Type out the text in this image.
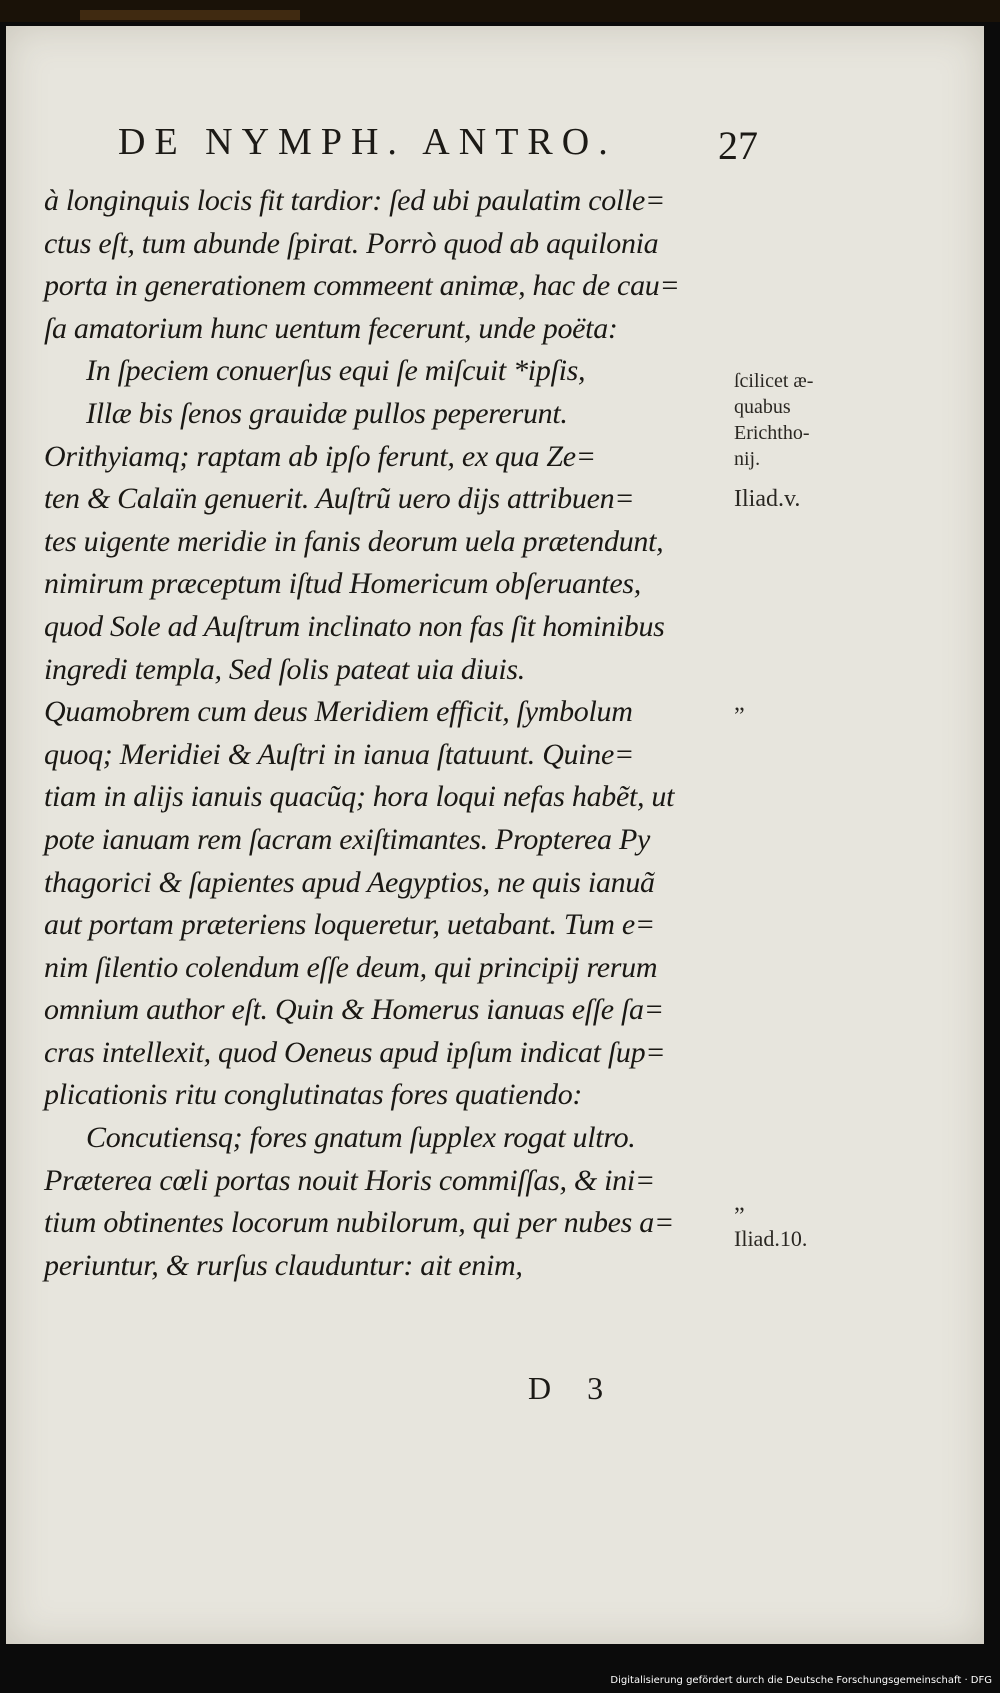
DE NYMPH. ANTRO.	27
à longinquis locis fit tardior: ſed ubi paulatim colle=
ctus eſt, tum abunde ſpirat. Porrò quod ab aquilonia
porta in generationem commeent animæ, hac de cau=
ſa amatorium hunc uentum fecerunt, unde poëta:
In ſpeciem conuerſus equi ſe miſcuit *ipſis,
Illæ bis ſenos grauidæ pullos pepererunt.
Orithyiamq; raptam ab ipſo ferunt, ex qua Ze=
ten & Calaïn genuerit. Auſtrũ uero dijs attribuen=
tes uigente meridie in fanis deorum uela prætendunt,
nimirum præceptum iſtud Homericum obſeruantes,
quod Sole ad Auſtrum inclinato non fas ſit hominibus
ingredi templa, Sed ſolis pateat uia diuis.
Quamobrem cum deus Meridiem efficit, ſymbolum
quoq; Meridiei & Auſtri in ianua ſtatuunt. Quine=
tiam in alijs ianuis quacũq; hora loqui nefas habẽt, ut
pote ianuam rem ſacram exiſtimantes. Propterea Py
thagorici & ſapientes apud Aegyptios, ne quis ianuã
aut portam præteriens loqueretur, uetabant. Tum e=
nim ſilentio colendum eſſe deum, qui principij rerum
omnium author eſt. Quin & Homerus ianuas eſſe ſa=
cras intellexit, quod Oeneus apud ipſum indicat ſup=
plicationis ritu conglutinatas fores quatiendo:
Concutiensq; fores gnatum ſupplex rogat ultro.
Præterea cœli portas nouit Horis commiſſas, & ini=
tium obtinentes locorum nubilorum, qui per nubes a=
periuntur, & rurſus clauduntur: ait enim,
ſcilicet æ-
quabus
Erichtho-
nij.
Iliad.v.
„
„
Iliad.10.
D 3
Digitalisierung gefördert durch die Deutsche Forschungsgemeinschaft · DFG
